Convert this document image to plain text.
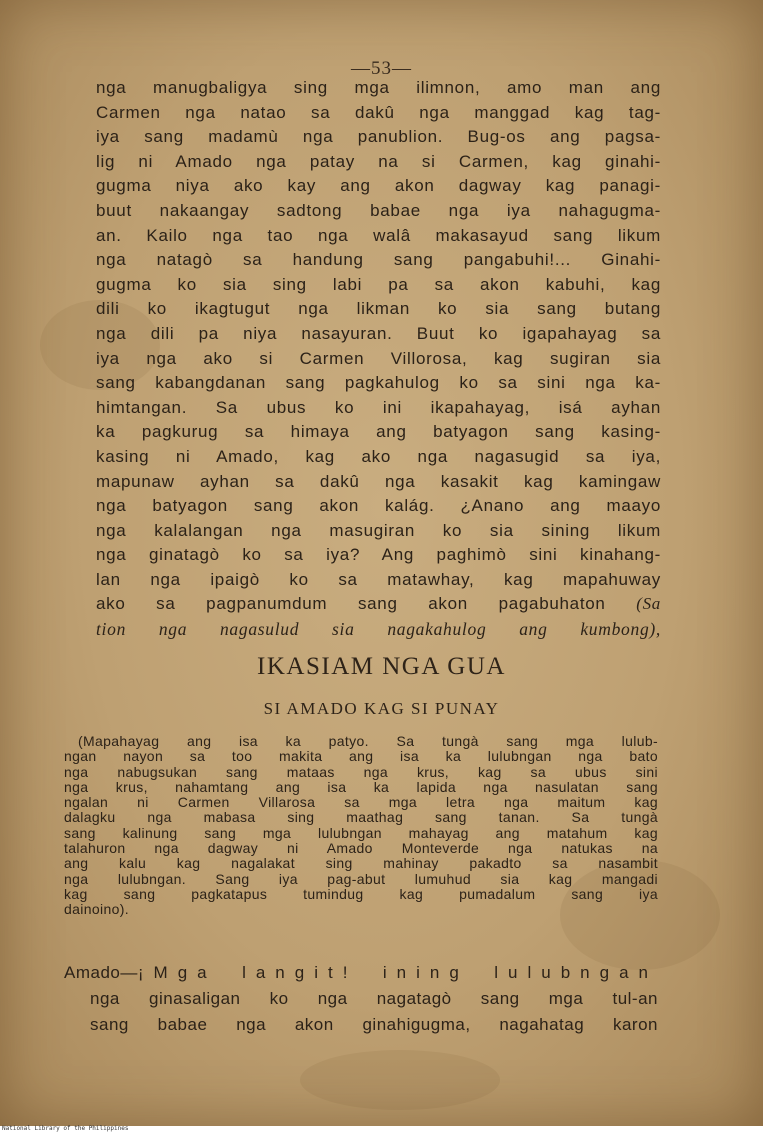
—53—
nga manugbaligya sing mga ilimnon, amo man ang
Carmen nga natao sa dakû nga manggad kag tag-
iya sang madamù nga panublion. Bug-os ang pagsa-
lig ni Amado nga patay na si Carmen, kag ginahi-
gugma niya ako kay ang akon dagway kag panagi-
buut nakaangay sadtong babae nga iya nahagugma-
an. Kailo nga tao nga walâ makasayud sang likum
nga natagò sa handung sang pangabuhi!... Ginahi-
gugma ko sia sing labi pa sa akon kabuhi, kag
dili ko ikagtugut nga likman ko sia sang butang
nga dili pa niya nasayuran. Buut ko igapahayag sa
iya nga ako si Carmen Villorosa, kag sugiran sia
sang kabangdanan sang pagkahulog ko sa sini nga ka-
himtangan. Sa ubus ko ini ikapahayag, isá ayhan
ka pagkurug sa himaya ang batyagon sang kasing-
kasing ni Amado, kag ako nga nagasugid sa iya,
mapunaw ayhan sa dakû nga kasakit kag kamingaw
nga batyagon sang akon kalág. ¿Anano ang maayo
nga kalalangan nga masugiran ko sia sining likum
nga ginatagò ko sa iya? Ang paghimò sini kinahang-
lan nga ipaigò ko sa matawhay, kag mapahuway
ako sa pagpanumdum sang akon pagabuhaton (Sa
tion nga nagasulud sia nagakahulog ang kumbong),
IKASIAM NGA GUA
SI AMADO KAG SI PUNAY
(Mapahayag ang isa ka patyo. Sa tungà sang mga lulub-
ngan nayon sa too makita ang isa ka lulubngan nga bato
nga nabugsukan sang mataas nga krus, kag sa ubus sini
nga krus, nahamtang ang isa ka lapida nga nasulatan sang
ngalan ni Carmen Villarosa sa mga letra nga maitum kag
dalagku nga mabasa sing maathag sang tanan. Sa tungà
sang kalinung sang mga lulubngan mahayag ang matahum kag
talahuron nga dagway ni Amado Monteverde nga natukas na
ang kalu kag nagalakat sing mahinay pakadto sa nasambit
nga lulubngan. Sang iya pag-abut lumuhud sia kag mangadi
kag sang pagkatapus tumindug kag pumadalum sang iya
dainoino).
Amado—¡Mga langit! ining lulubngan
nga ginasaligan ko nga nagatagò sang mga tul-an
sang babae nga akon ginahigugma, nagahatag karon
National Library of the Philippines
